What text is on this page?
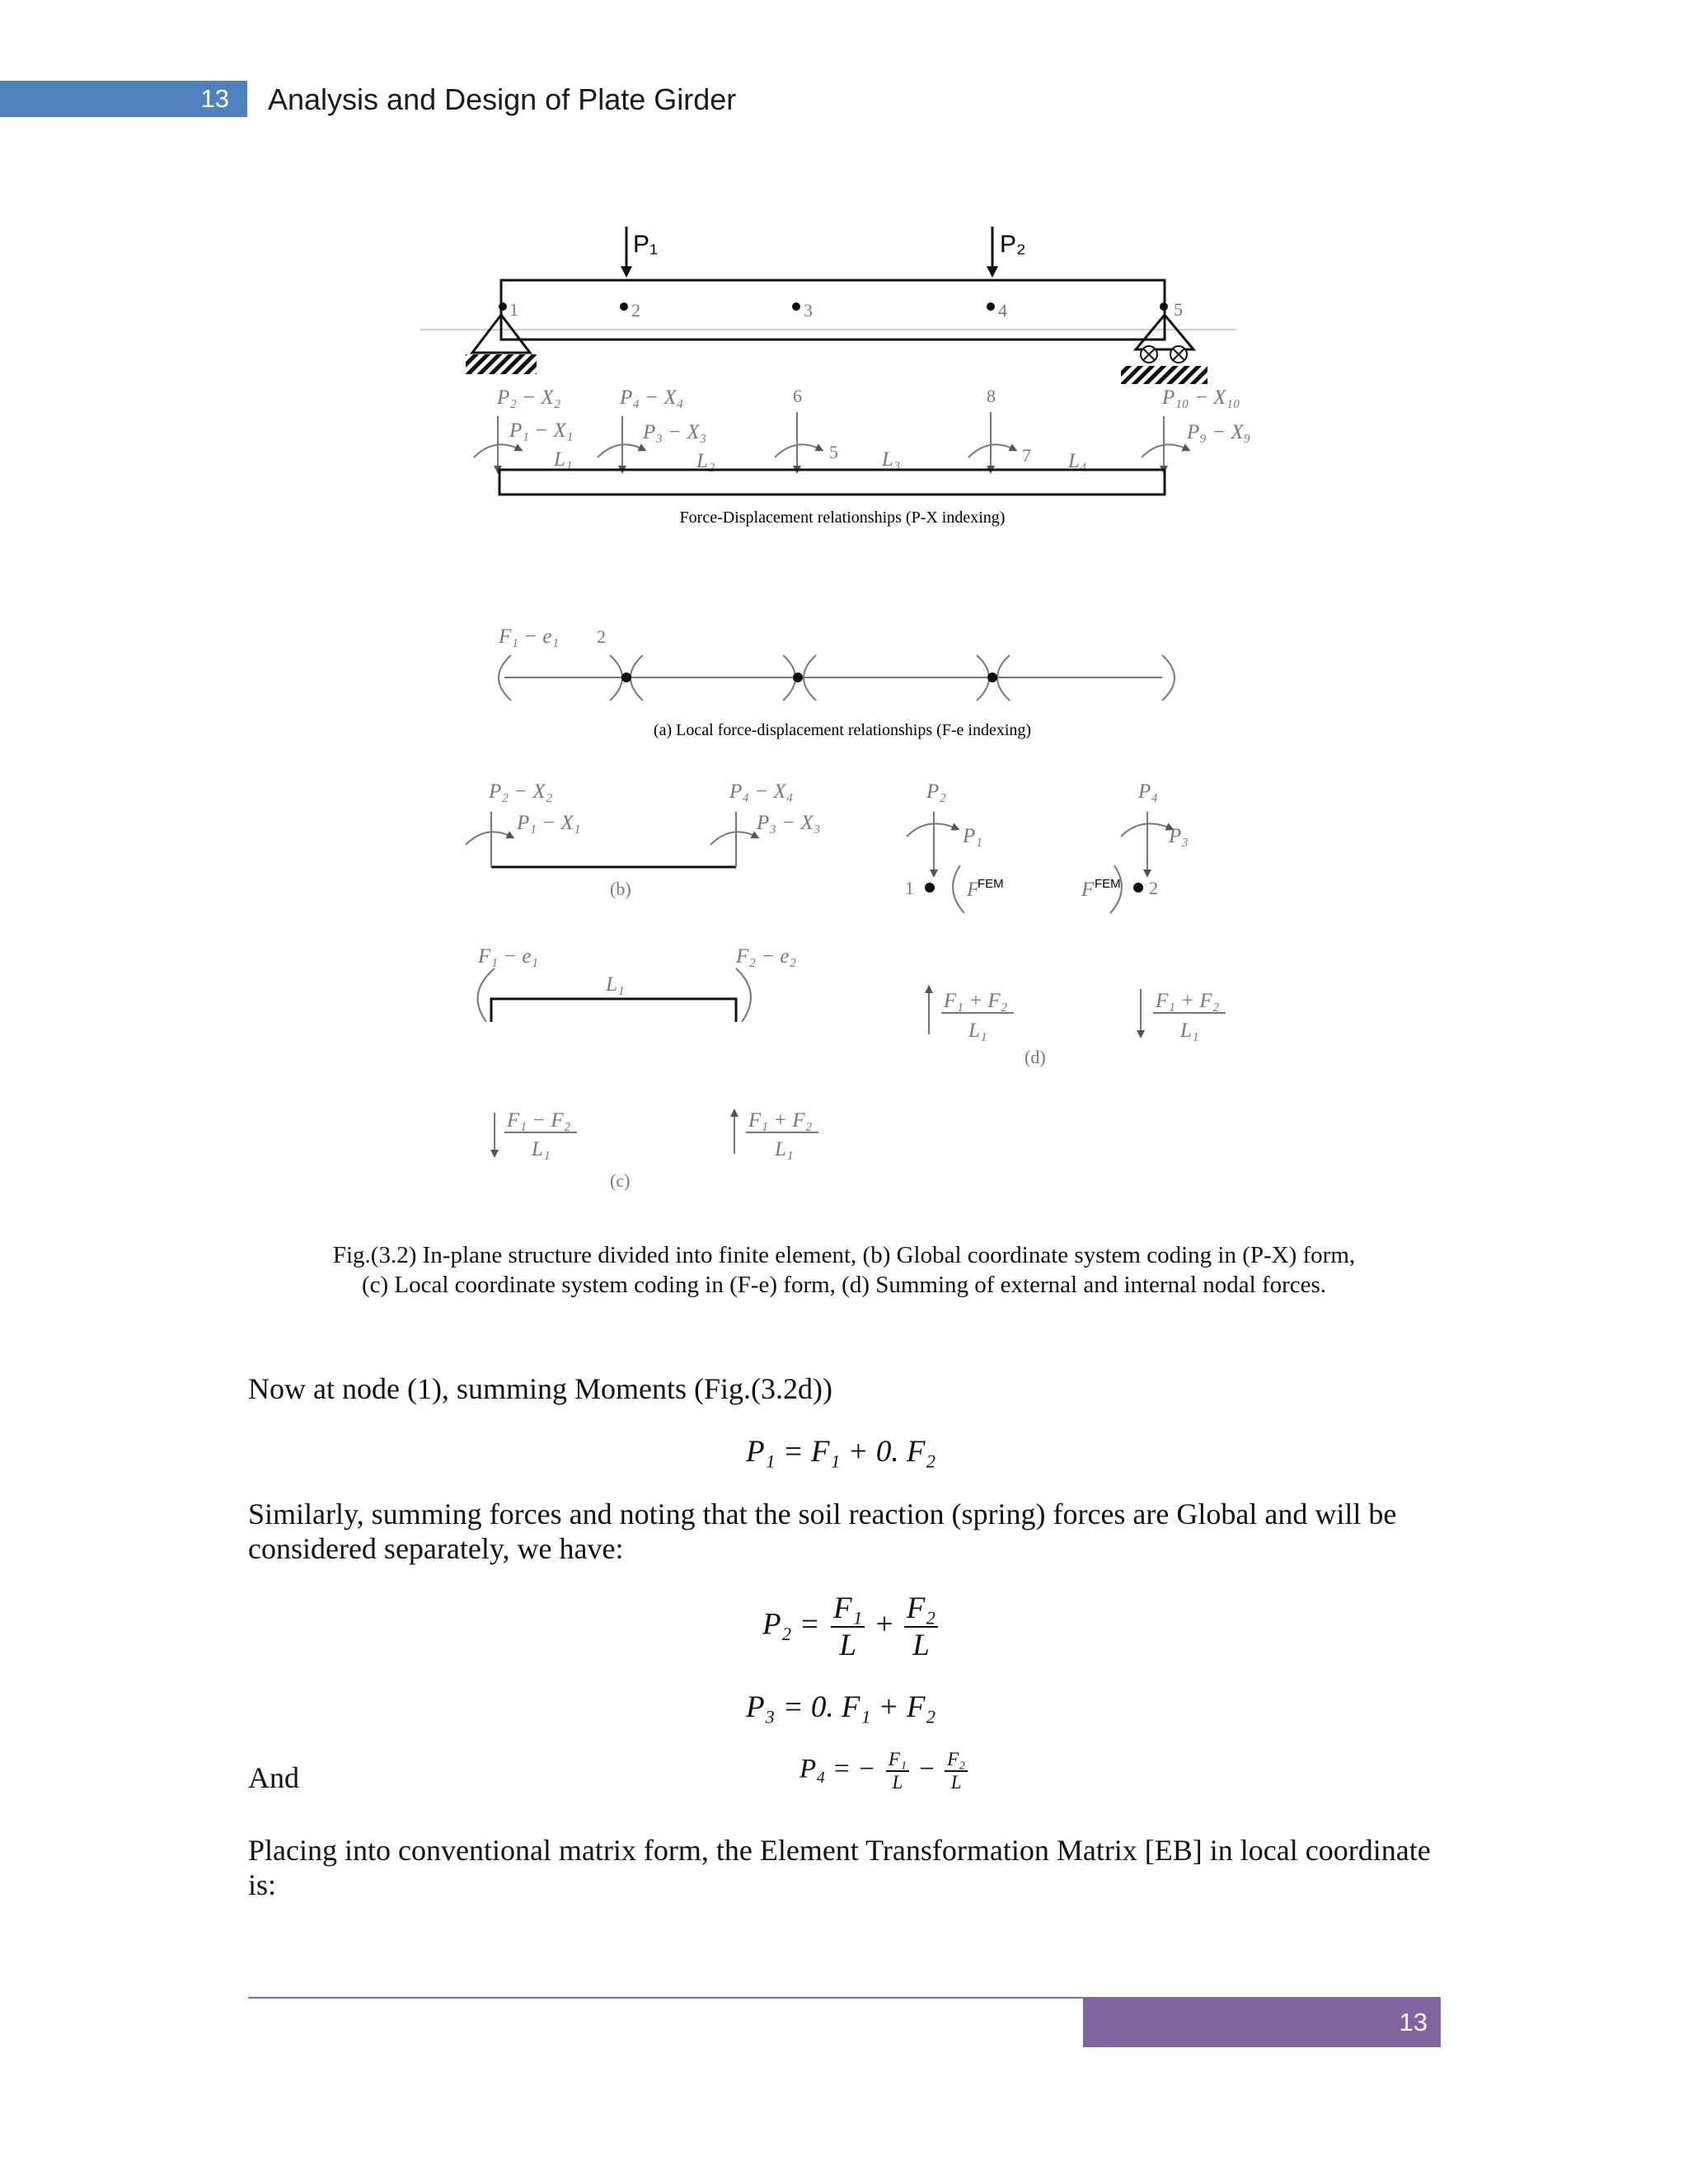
13 Analysis and Design of Plate Girder
P₁	P₂
1	2	3	4	5
P₂ − X₂
P₁ − X₁
P₄ − X₄
P₃ − X₃
6	8
5	7
P₁₀ − X₁₀
P₉ − X₉
L₁	L₂	L₃	L₄
Force-Displacement relationships (P-X indexing)
F₁ − e₁ 2
(a) Local force-displacement relationships (F-e indexing)
P₂ − X₂
P₁ − X₁
P₄ − X₄
P₃ − X₃
(b)
F₁ − e₁	F₂ − e₂
L₁
F₁ − F₂
L₁
F₁ + F₂
L₁
(c)
P₂
P₁
P₄
P₃
1	F
FEM	F FEM 2
F₁ + F₂
L₁
F₁ + F₂
L₁
(d)
Fig.(3.2) In-plane structure divided into finite element, (b) Global coordinate system coding in (P-X) form,
(c) Local coordinate system coding in (F-e) form, (d) Summing of external and internal nodal forces.
Now at node (1), summing Moments (Fig.(3.2d))
P₁ = F₁ + 0. F₂
Similarly, summing forces and noting that the soil reaction (spring) forces are Global and will be considered separately, we have:
$P_2 = \frac{\text{F₁}}{L} + \frac{\text{F₂}}{L}$
P₃ = 0. F₁ + F₂
And	P₄ = − $\frac{\text{F₁}}{L} - \frac{\text{F₂}}{L}$
Placing into conventional matrix form, the Element Transformation Matrix [EB] in local coordinate is:
13
